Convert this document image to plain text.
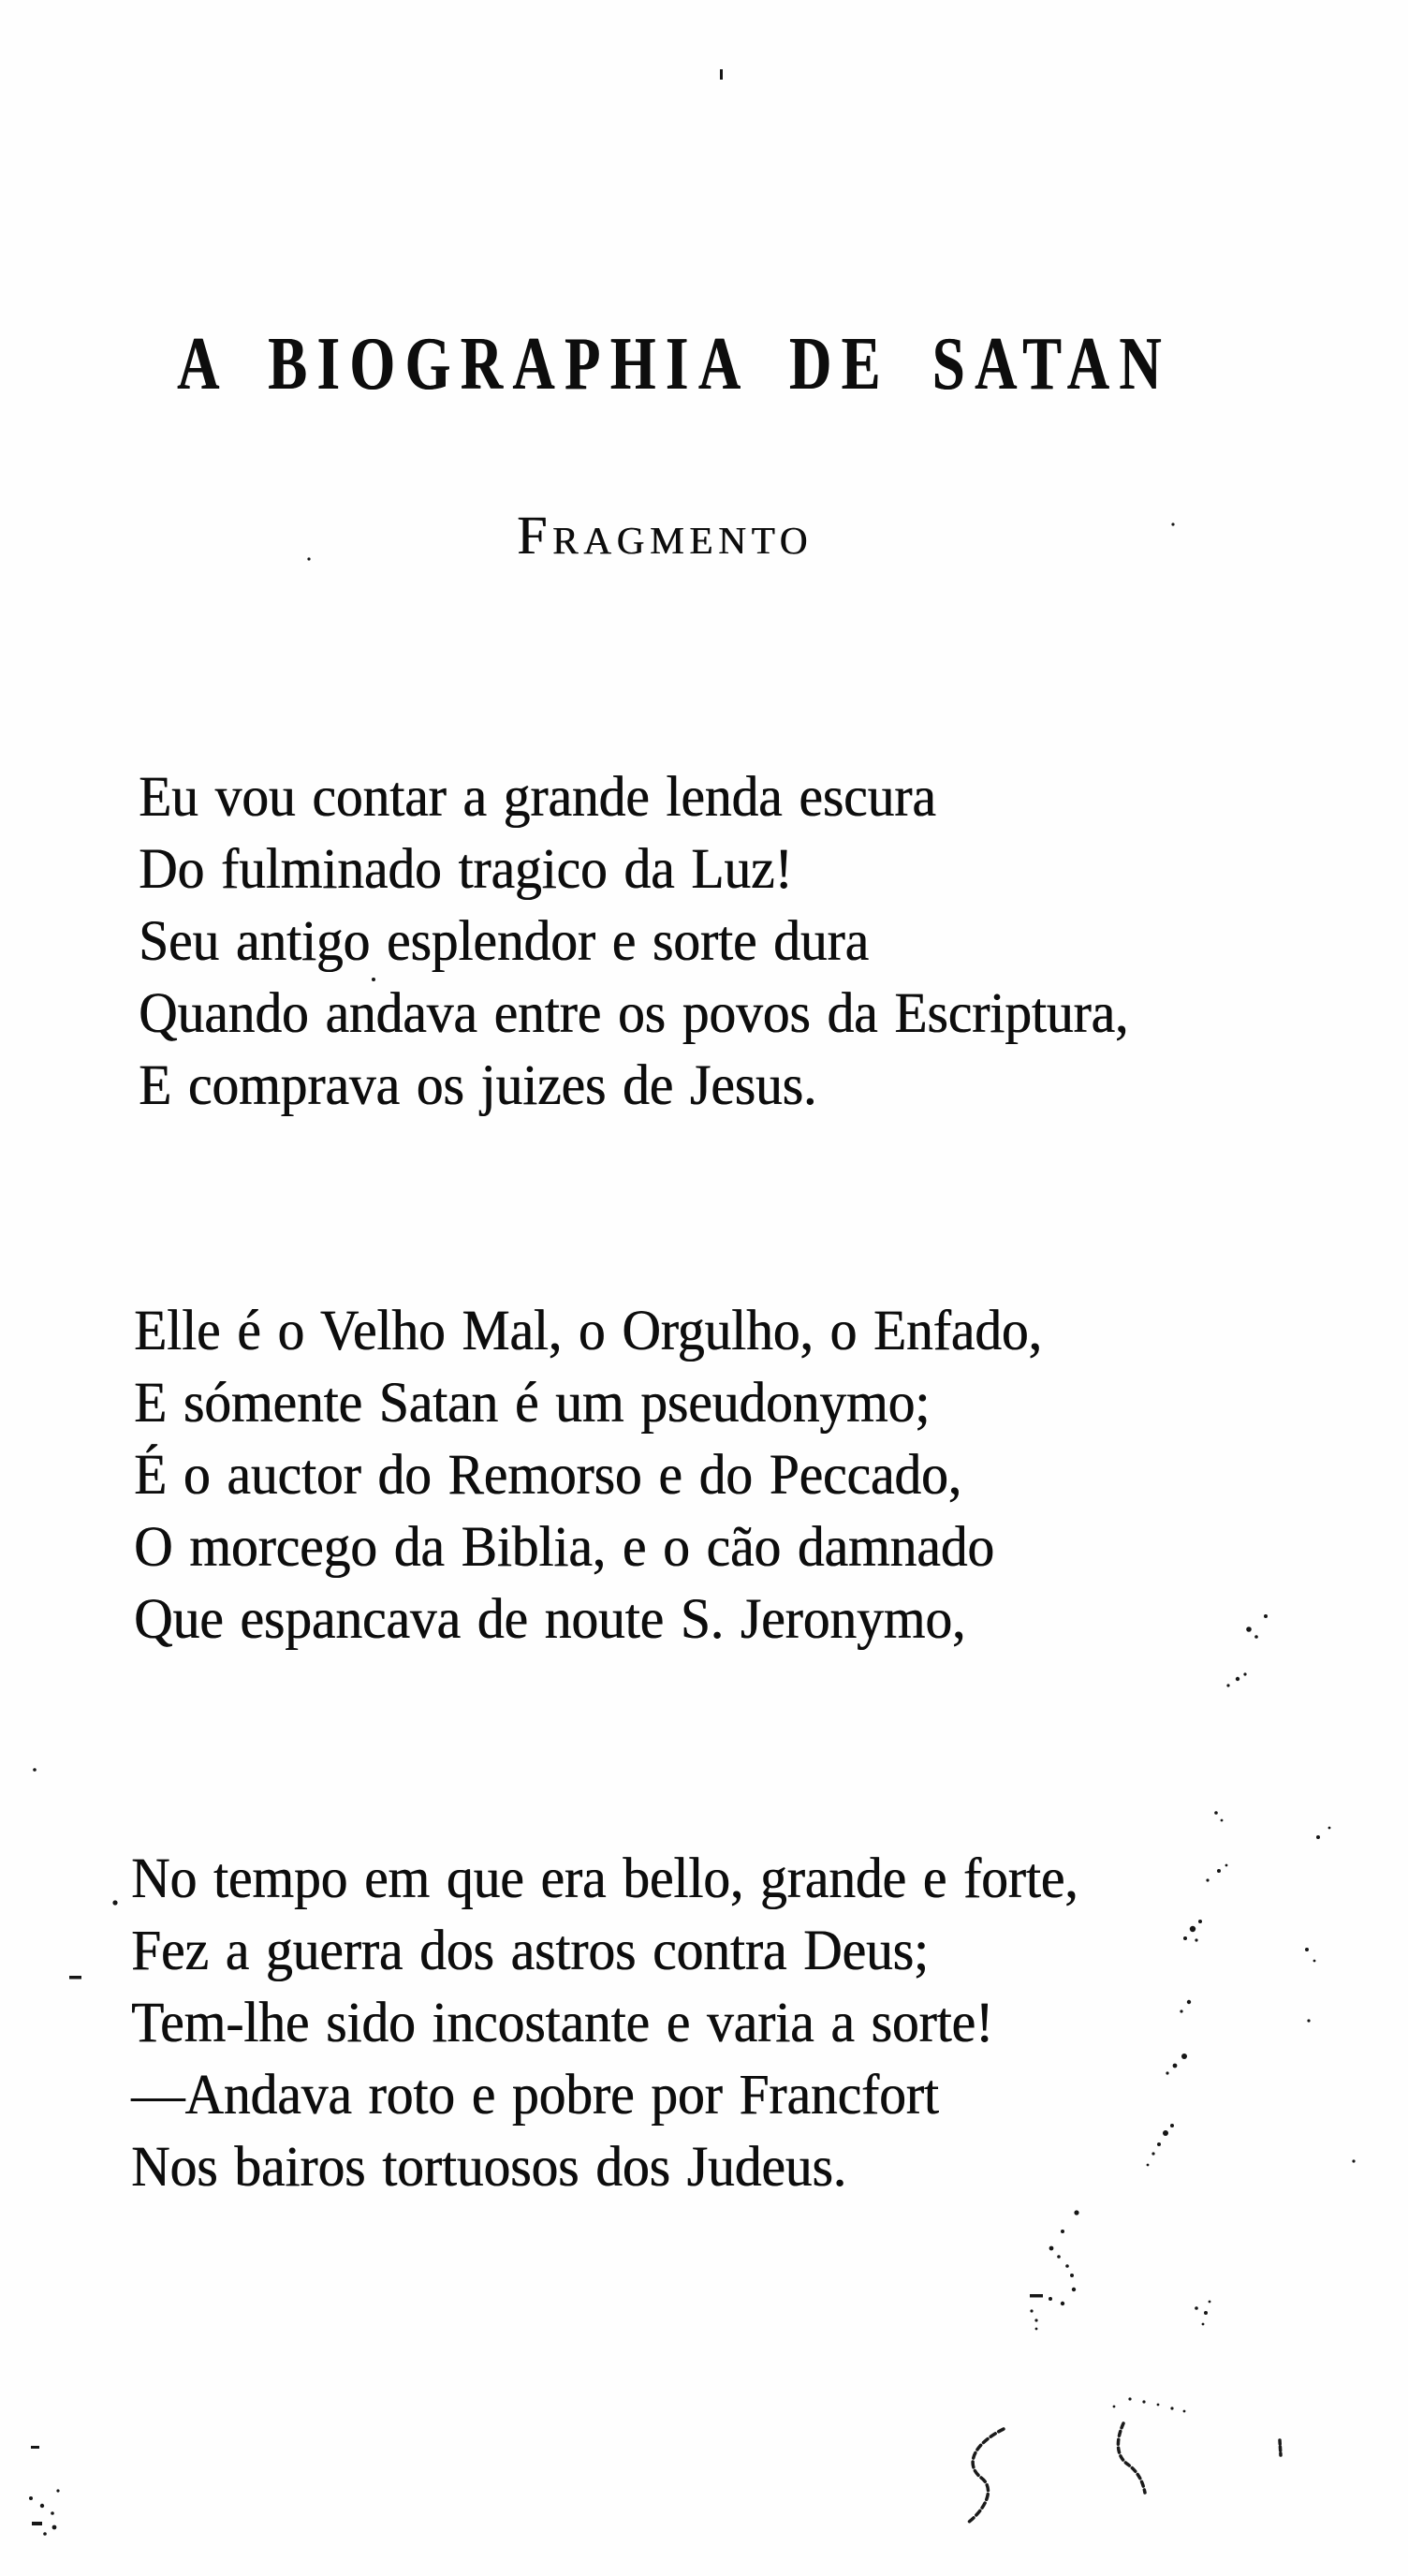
A BIOGRAPHIA DE SATAN
Fragmento
Eu vou contar a grande lenda escura
Do fulminado tragico da Luz!
Seu antigo esplendor e sorte dura
Quando andava entre os povos da Escriptura,
E comprava os juizes de Jesus.
Elle é o Velho Mal, o Orgulho, o Enfado,
E sómente Satan é um pseudonymo;
É o auctor do Remorso e do Peccado,
O morcego da Biblia, e o cão damnado
Que espancava de noute S. Jeronymo,
No tempo em que era bello, grande e forte,
Fez a guerra dos astros contra Deus;
Tem-lhe sido incostante e varia a sorte!
—Andava roto e pobre por Francfort
Nos bairos tortuosos dos Judeus.
